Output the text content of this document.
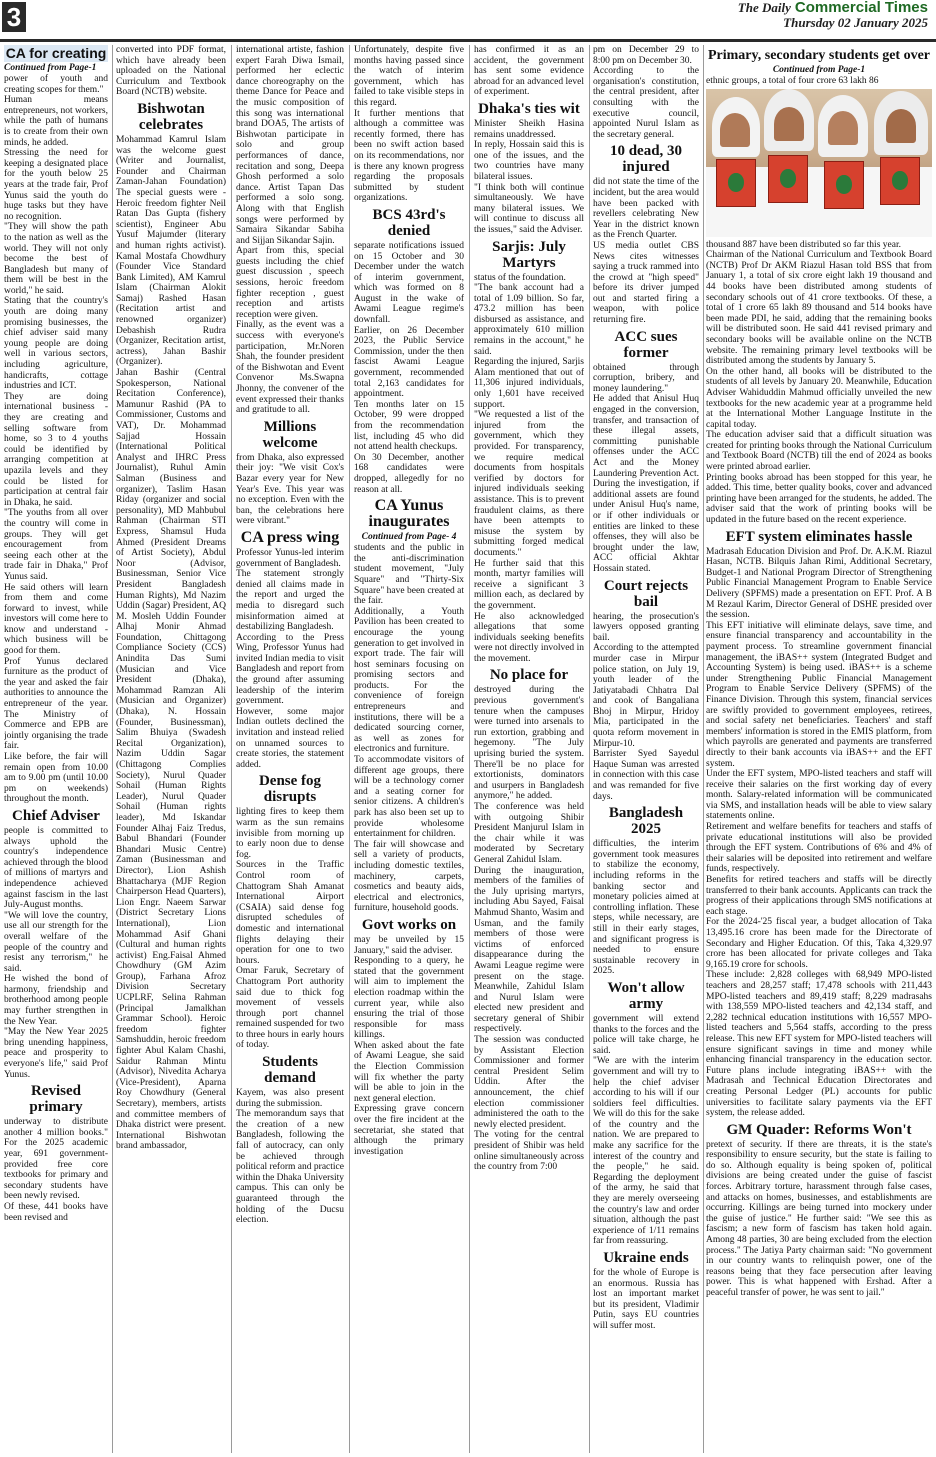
3	The Daily Commercial Times
Thursday 02 January 2025
CA for creating
Continued from Page-1

power of youth and creating scopes for them."

Human means entrepreneurs, not workers, while the path of humans is to create from their own minds, he added.

Stressing the need for keeping a designated place for the youth below 25 years at the trade fair, Prof Yunus said the youth do huge tasks but they have no recognition.

"They will show the path to the nation as well as the world. They will not only become the best of Bangladesh but many of them will be best in the world," he said.

Stating that the country's youth are doing many promising businesses, the chief adviser said many young people are doing well in various sectors, including agriculture, handicrafts, cottage industries and ICT.

They are doing international business - they are creating and selling software from home, so 3 to 4 youths could be identified by arranging competition at upazila levels and they could be listed for participation at central fair in Dhaka, he said.

"The youths from all over the country will come in groups. They will get encouragement from seeing each other at the trade fair in Dhaka," Prof Yunus said.

He said others will learn from them and come forward to invest, while investors will come here to know and understand - which business will be good for them.

Prof Yunus declared furniture as the product of the year and asked the fair authorities to announce the entrepreneur of the year. The Ministry of Commerce and EPB are jointly organising the trade fair.

Like before, the fair will remain open from 10.00 am to 9.00 pm (until 10.00 pm on weekends) throughout the month.

Chief Adviser

people is committed to always uphold the country's independence achieved through the blood of millions of martyrs and independence achieved against fascism in the last July-August months.

"We will love the country, use all our strength for the overall welfare of the people of the country and resist any terrorism," he said.

He wished the bond of harmony, friendship and brotherhood among people may further strengthen in the New Year.

"May the New Year 2025 bring unending happiness, peace and prosperity to everyone's life," said Prof Yunus.

Revised primary

underway to distribute another 4 million books." For the 2025 academic year, 691 government-provided free core textbooks for primary and secondary students have been newly revised.

Of these, 441 books have been revised and

converted into PDF format, which have already been uploaded on the National Curriculum and Textbook Board (NCTB) website.

Bishwotan celebrates

Mohammad Kamrul Islam was the welcome guest (Writer and Journalist, Founder and Chairman Zaman-Jahan Foundation) The special guests were - Heroic freedom fighter Neil Ratan Das Gupta (fishery scientist), Engineer Abu Yusuf Majumder (literary and human rights activist). Kamal Mostafa Chowdhury (Founder Vice Standard Bank Limited), AM Kamrul Islam (Chairman Alokit Samaj) Rashed Hasan (Recitation artist and renowned organizer) Debashish Rudra (Organizer, Recitation artist, actress), Jahan Bashir (Organizer).

Jahan Bashir (Central Spokesperson, National Recitation Conference), Mamunur Rashid (PA to Commissioner, Customs and VAT), Dr. Mohammad Sajjad Hossain (International Political Analyst and IHRC Press Journalist), Ruhul Amin Salman (Business and organizer), Taslim Hasan Riday (organizer and social personality), MD Mahbubul Rahman (Chairman STI Express, Shamsul Huda Ahmed (President Dreams of Artist Society), Abdul Noor (Advisor, Businessman, Senior Vice President Bangladesh Human Rights), Md Nazim Uddin (Sagar) President, AQ M. Mosleh Uddin Founder Alhaj Monir Ahmad Foundation, Chittagong Compliance Society (CCS) Anindita Das Sumi (Musician and Vice President (Dhaka), Mohammad Ramzan Ali (Musician and Organizer) (Dhaka), N. Hossain (Founder, Businessman), Salim Bhuiya (Swadesh Recital Organization), Nazim Uddin Sagar (Chittagong Complies Society), Nurul Quader Sohail (Human Rights Leader), Nurul Quader Sohail (Human rights leader), Md Iskandar Founder Alhaj Faiz Tredus, Babul Bhandari (Founder Bhandari Music Centre) Zaman (Businessman and Director), Lion Ashish Bhattacharya (MJF Region Chairperson Head Quarters), Lion Engr. Naeem Sarwar (District Secretary Lions International), Lion Mohammad Asif Ghani (Cultural and human rights activist) Eng.Faisal Ahmed Chowdhury (GM Azim Group), Farhana Afroz Division Secretary UCPLRF, Selina Rahman (Principal Jamalkhan Grammar School). Heroic freedom fighter Samshuddin, heroic freedom fighter Abul Kalam Chashi, Saidur Rahman Mintu (Advisor), Nivedita Acharya (Vice-President), Aparna Roy Chowdhury (General Secretary), members, artists and committee members of Dhaka district were present. International Bishwotan brand ambassador,

international artiste, fashion expert Farah Diwa Ismail, performed her eclectic dance choreography on the theme Dance for Peace and the music composition of this song was international brand DOA5, The artists of Bishwotan participate in solo and group performances of dance, recitation and song, Deepa Ghosh performed a solo dance. Artist Tapan Das performed a solo song. Along with that English songs were performed by Samaira Sikandar Sabiha and Sijjan Sikandar Sajin.

Apart from this, special guests including the chief guest discussion , speech sessions, heroic freedom fighter reception , guest reception and artists reception were given.

Finally, as the event was a success with everyone's participation, Mr.Noren Shah, the founder president of the Bishwotan and Event Convenor Ms.Swapna Jhonny, the convener of the event expressed their thanks and gratitude to all.

Millions welcome

from Dhaka, also expressed their joy: "We visit Cox's Bazar every year for New Year's Eve. This year was no exception. Even with the ban, the celebrations here were vibrant."

CA press wing

Professor Yunus-led interim government of Bangladesh.

The statement strongly denied all claims made in the report and urged the media to disregard such misinformation aimed at destabilizing Bangladesh.

According to the Press Wing, Professor Yunus had invited Indian media to visit Bangladesh and report from the ground after assuming leadership of the interim government.

However, some major Indian outlets declined the invitation and instead relied on unnamed sources to create stories, the statement added.

Dense fog disrupts

lighting fires to keep them warm as the sun remains invisible from morning up to early noon due to dense fog.

Sources in the Traffic Control room of Chattogram Shah Amanat International Airport (CSAIA) said dense fog disrupted schedules of domestic and international flights delaying their operation for one to two hours.

Omar Faruk, Secretary of Chattogram Port authority said due to thick fog movement of vessels through port channel remained suspended for two to three hours in early hours of today.

Students demand

Kayem, was also present during the submission.

The memorandum says that the creation of a new Bangladesh, following the fall of autocracy, can only be achieved through political reform and practice within the Dhaka University campus. This can only be guaranteed through the holding of the Ducsu election.

Unfortunately, despite five months having passed since the watch of interim government, which has failed to take visible steps in this regard.

It further mentions that although a committee was recently formed, there has been no swift action based on its recommendations, nor is there any known progress regarding the proposals submitted by student organizations.

BCS 43rd's denied

separate notifications issued on 15 October and 30 December under the watch of interim government, which was formed on 8 August in the wake of Awami League regime's downfall.

Earlier, on 26 December 2023, the Public Service Commission, under the then fascist Awami League government, recommended total 2,163 candidates for appointment.

Ten months later on 15 October, 99 were dropped from the recommendation list, including 45 who did not attend health checkups.

On 30 December, another 168 candidates were dropped, allegedly for no reason at all.

CA Yunus inaugurates
Continued from Page- 4

students and the public in the anti-discrimination student movement, "July Square" and "Thirty-Six Square" have been created at the fair.

Additionally, a Youth Pavilion has been created to encourage the young generation to get involved in export trade. The fair will host seminars focusing on promising sectors and products. For the convenience of foreign entrepreneurs and institutions, there will be a dedicated sourcing corner, as well as zones for electronics and furniture.

To accommodate visitors of different age groups, there will be a technology corner and a seating corner for senior citizens. A children's park has also been set up to provide wholesome entertainment for children.

The fair will showcase and sell a variety of products, including domestic textiles, machinery, carpets, cosmetics and beauty aids, electrical and electronics, furniture, household goods.

Govt works on

may be unveiled by 15 January," said the adviser.

Responding to a query, he stated that the government will aim to implement the election roadmap within the current year, while also ensuring the trial of those responsible for mass killings.

When asked about the fate of Awami League, she said the Election Commission will fix whether the party will be able to join in the next general election.

Expressing grave concern over the fire incident at the secretariat, she stated that although the primary investigation

has confirmed it as an accident, the government has sent some evidence abroad for an advanced level of experiment.

Dhaka's ties wit

Minister Sheikh Hasina remains unaddressed.

In reply, Hossain said this is one of the issues, and the two countries have many bilateral issues.

"I think both will continue simultaneously. We have many bilateral issues. We will continue to discuss all the issues," said the Adviser.

Sarjis: July Martyrs

status of the foundation.

"The bank account had a total of 1.09 billion. So far, 473.2 million has been disbursed as assistance, and approximately 610 million remains in the account," he said.

Regarding the injured, Sarjis Alam mentioned that out of 11,306 injured individuals, only 1,601 have received support.

"We requested a list of the injured from the government, which they provided. For transparency, we require medical documents from hospitals verified by doctors for injured individuals seeking assistance. This is to prevent fraudulent claims, as there have been attempts to misuse the system by submitting forged medical documents."

He further said that this month, martyr families will receive a significant 3 million each, as declared by the government.

He also acknowledged allegations that some individuals seeking benefits were not directly involved in the movement.

No place for

destroyed during the previous government's tenure when the campuses were turned into arsenals to run extortion, grabbing and hegemony. "The July uprising buried the system. There'll be no place for extortionists, dominators and usurpers in Bangladesh anymore," he added.

The conference was held with outgoing Shibir President Manjurul Islam in the chair while it was moderated by Secretary General Zahidul Islam.

During the inauguration, members of the families of the July uprising martyrs, including Abu Sayed, Faisal Mahmud Shanto, Wasim and Usman, and the family members of those were victims of enforced disappearance during the Awami League regime were present on the stage. Meanwhile, Zahidul Islam and Nurul Islam were elected new president and secretary general of Shibir respectively.

The session was conducted by Assistant Election Commissioner and former central President Selim Uddin. After the announcement, the chief election commissioner administered the oath to the newly elected president.

The voting for the central president of Shibir was held online simultaneously across the country from 7:00

pm on December 29 to 8:00 pm on December 30.

According to the organisation's constitution, the central president, after consulting with the executive council, appointed Nurul Islam as the secretary general.

10 dead, 30 injured

did not state the time of the incident, but the area would have been packed with revellers celebrating New Year in the district known as the French Quarter.

US media outlet CBS News cites witnesses saying a truck rammed into the crowd at "high speed" before its driver jumped out and started firing a weapon, with police returning fire.

ACC sues former

obtained through corruption, bribery, and money laundering."

He added that Anisul Huq engaged in the conversion, transfer, and transaction of these illegal assets, committing punishable offenses under the ACC Act and the Money Laundering Prevention Act. During the investigation, if additional assets are found under Anisul Huq's name, or if other individuals or entities are linked to these offenses, they will also be brought under the law, ACC official Akhtar Hossain stated.

Court rejects bail

hearing, the prosecution's lawyers opposed granting bail.

According to the attempted murder case in Mirpur police station, on July 19, youth leader of the Jatiyatabadi Chhatra Dal and cook of Bangaliana Bhoj in Mirpur, Hridoy Mia, participated in the quota reform movement in Mirpur-10.

Barrister Syed Sayedul Haque Suman was arrested in connection with this case and was remanded for five days.

Bangladesh 2025

difficulties, the interim government took measures to stabilize the economy, including reforms in the banking sector and monetary policies aimed at controlling inflation. These steps, while necessary, are still in their early stages, and significant progress is needed to ensure sustainable recovery in 2025.

Won't allow army

government will extend thanks to the forces and the police will take charge, he said.

"We are with the interim government and will try to help the chief adviser according to his will if our soldiers feel difficulties. We will do this for the sake of the country and the nation. We are prepared to make any sacrifice for the interest of the country and the people," he said. Regarding the deployment of the army, he said that they are merely overseeing the country's law and order situation, although the past experience of 1/11 remains far from reassuring.

Ukraine ends

for the whole of Europe is an enormous. Russia has lost an important market but its president, Vladimir Putin, says EU countries will suffer most.

Primary, secondary students get over
Continued from Page-1

ethnic groups, a total of four crore 63 lakh 86

thousand 887 have been distributed so far this year.

Chairman of the National Curriculum and Textbook Board (NCTB) Prof Dr AKM Riazul Hasan told BSS that from January 1, a total of six crore eight lakh 19 thousand and 44 books have been distributed among students of secondary schools out of 41 crore textbooks. Of these, a total of 1 crore 65 lakh 89 thousand and 514 books have been made PDI, he said, adding that the remaining books will be distributed soon. He said 441 revised primary and secondary books will be available online on the NCTB website. The remaining primary level textbooks will be distributed among the students by January 5.

On the other hand, all books will be distributed to the students of all levels by January 20. Meanwhile, Education Adviser Wahiduddin Mahmud officially unveiled the new textbooks for the new academic year at a programme held at the International Mother Language Institute in the capital today.

The education adviser said that a difficult situation was created for printing books through the National Curriculum and Textbook Board (NCTB) till the end of 2024 as books were printed abroad earlier.

Printing books abroad has been stopped for this year, he added. This time, better quality books, cover and advanced printing have been arranged for the students, he added. The adviser said that the work of printing books will be updated in the future based on the recent experience.

EFT system eliminates hassle

Madrasah Education Division and Prof. Dr. A.K.M. Riazul Hasan, NCTB. Bilquis Jahan Rimi, Additional Secretary, Budget-1 and National Program Director of Strengthening Public Financial Management Program to Enable Service Delivery (SPFMS) made a presentation on EFT. Prof. A B M Rezaul Karim, Director General of DSHE presided over the session.

This EFT initiative will eliminate delays, save time, and ensure financial transparency and accountability in the payment process. To streamline government financial management, the iBAS++ system (Integrated Budget and Accounting System) is being used. iBAS++ is a scheme under Strengthening Public Financial Management Program to Enable Service Delivery (SPFMS) of the Finance Division. Through this system, financial services are swiftly provided to government employees, retirees, and social safety net beneficiaries. Teachers' and staff members' information is stored in the EMIS platform, from which payrolls are generated and payments are transferred directly to their bank accounts via iBAS++ and the EFT system.

Under the EFT system, MPO-listed teachers and staff will receive their salaries on the first working day of every month. Salary-related information will be communicated via SMS, and installation heads will be able to view salary statements online.

Retirement and welfare benefits for teachers and staffs of private educational institutions will also be provided through the EFT system. Contributions of 6% and 4% of their salaries will be deposited into retirement and welfare funds, respectively.

Benefits for retired teachers and staffs will be directly transferred to their bank accounts. Applicants can track the progress of their applications through SMS notifications at each stage.

For the 2024-'25 fiscal year, a budget allocation of Taka 13,495.16 crore has been made for the Directorate of Secondary and Higher Education. Of this, Taka 4,329.97 crore has been allocated for private colleges and Taka 9,165.19 crore for schools.

These include: 2,828 colleges with 68,949 MPO-listed teachers and 28,257 staff; 17,478 schools with 211,443 MPO-listed teachers and 89,419 staff; 8,229 madrasahs with 138,559 MPO-listed teachers and 42,134 staff, and 2,282 technical education institutions with 16,557 MPO-listed teachers and 5,564 staffs, according to the press release. This new EFT system for MPO-listed teachers will ensure significant savings in time and money while enhancing financial transparency in the education sector. Future plans include integrating iBAS++ with the Madrasah and Technical Education Directorates and creating Personal Ledger (PL) accounts for public universities to facilitate salary payments via the EFT system, the release added.

GM Quader: Reforms Won't

pretext of security. If there are threats, it is the state's responsibility to ensure security, but the state is failing to do so. Although equality is being spoken of, political divisions are being created under the guise of fascist forces. Arbitrary torture, harassment through false cases, and attacks on homes, businesses, and establishments are occurring. Killings are being turned into mockery under the guise of justice." He further said: "We see this as fascism; a new form of fascism has taken hold again. Among 48 parties, 30 are being excluded from the election process." The Jatiya Party chairman said: "No government in our country wants to relinquish power, one of the reasons being that they face persecution after leaving power. This is what happened with Ershad. After a peaceful transfer of power, he was sent to jail."
